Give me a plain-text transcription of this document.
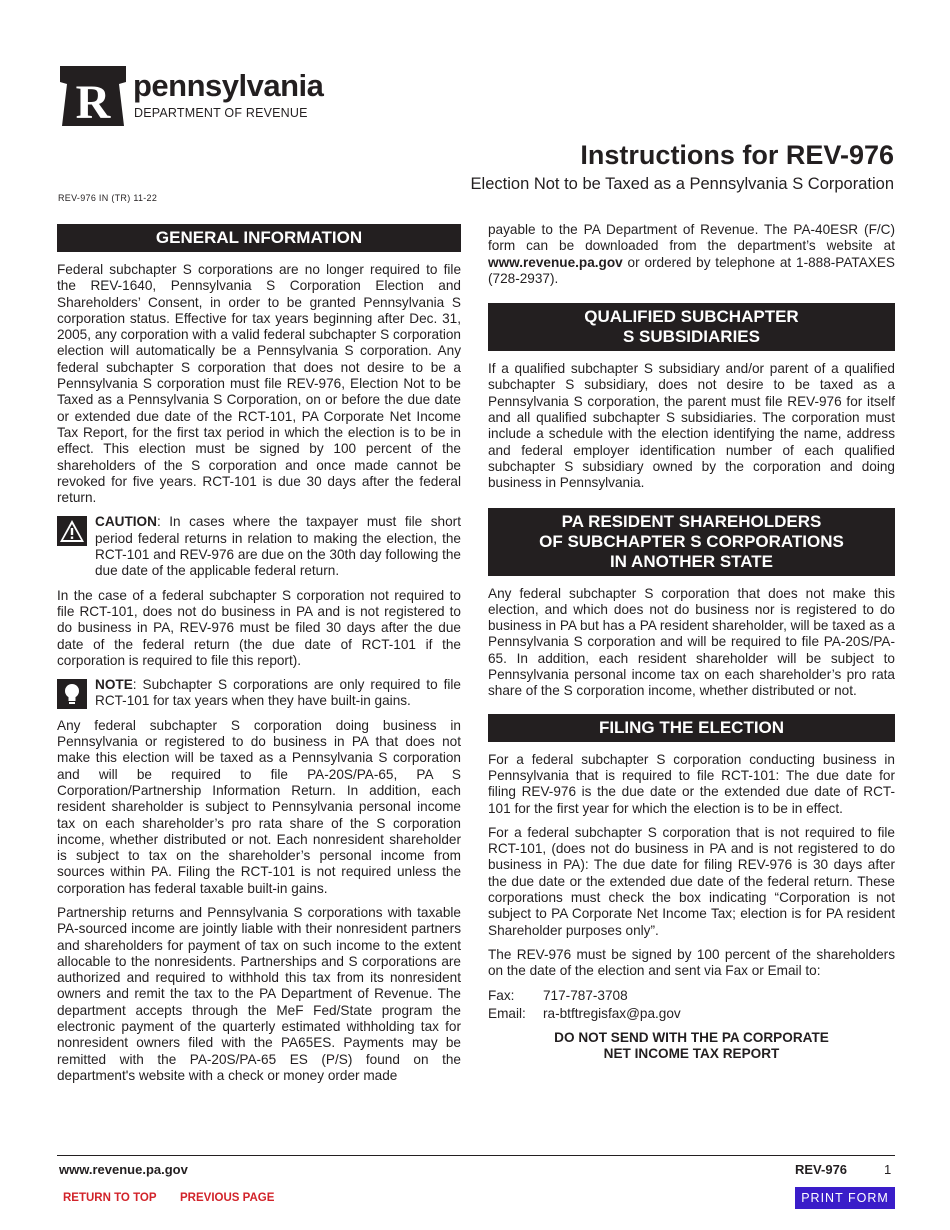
R pennsylvania
DEPARTMENT OF REVENUE
Instructions for REV-976
Election Not to be Taxed as a Pennsylvania S Corporation
REV-976 IN (TR) 11-22
GENERAL INFORMATION

Federal subchapter S corporations are no longer required to file the REV-1640, Pennsylvania S Corporation Election and Shareholders’ Consent, in order to be granted Pennsylvania S corporation status. Effective for tax years beginning after Dec. 31, 2005, any corporation with a valid federal subchapter S corporation election will automatically be a Pennsylvania S corporation. Any federal subchapter S corporation that does not desire to be a Pennsylvania S corporation must file REV-976, Election Not to be Taxed as a Pennsylvania S Corporation, on or before the due date or extended due date of the RCT-101, PA Corporate Net Income Tax Report, for the first tax period in which the election is to be in effect. This election must be signed by 100 percent of the shareholders of the S corporation and once made cannot be revoked for five years. RCT-101 is due 30 days after the federal return.

CAUTION: In cases where the taxpayer must file short period federal returns in relation to making the election, the RCT-101 and REV-976 are due on the 30th day following the due date of the applicable federal return.

In the case of a federal subchapter S corporation not required to file RCT-101, does not do business in PA and is not registered to do business in PA, REV-976 must be filed 30 days after the due date of the federal return (the due date of RCT-101 if the corporation is required to file this report).

NOTE: Subchapter S corporations are only required to file RCT-101 for tax years when they have built-in gains.

Any federal subchapter S corporation doing business in Pennsylvania or registered to do business in PA that does not make this election will be taxed as a Pennsylvania S corporation and will be required to file PA-20S/PA-65, PA S Corporation/Partnership Information Return. In addition, each resident shareholder is subject to Pennsylvania personal income tax on each shareholder’s pro rata share of the S corporation income, whether distributed or not. Each nonresident shareholder is subject to tax on the shareholder’s personal income from sources within PA. Filing the RCT-101 is not required unless the corporation has federal taxable built-in gains.

Partnership returns and Pennsylvania S corporations with taxable PA-sourced income are jointly liable with their nonresident partners and shareholders for payment of tax on such income to the extent allocable to the nonresidents. Partnerships and S corporations are authorized and required to withhold this tax from its nonresident owners and remit the tax to the PA Department of Revenue. The department accepts through the MeF Fed/State program the electronic payment of the quarterly estimated withholding tax for nonresident owners filed with the PA65ES. Payments may be remitted with the PA-20S/PA-65 ES (P/S) found on the department's website with a check or money order made

payable to the PA Department of Revenue. The PA-40ESR (F/C) form can be downloaded from the department’s website at www.revenue.pa.gov or ordered by telephone at 1-888-PATAXES (728-2937).

QUALIFIED SUBCHAPTER
S SUBSIDIARIES

If a qualified subchapter S subsidiary and/or parent of a qualified subchapter S subsidiary, does not desire to be taxed as a Pennsylvania S corporation, the parent must file REV-976 for itself and all qualified subchapter S subsidiaries. The corporation must include a schedule with the election identifying the name, address and federal employer identification number of each qualified subchapter S subsidiary owned by the corporation and doing business in Pennsylvania.

PA RESIDENT SHAREHOLDERS
OF SUBCHAPTER S CORPORATIONS
IN ANOTHER STATE

Any federal subchapter S corporation that does not make this election, and which does not do business nor is registered to do business in PA but has a PA resident shareholder, will be taxed as a Pennsylvania S corporation and will be required to file PA-20S/PA-65. In addition, each resident shareholder will be subject to Pennsylvania personal income tax on each shareholder’s pro rata share of the S corporation income, whether distributed or not.

FILING THE ELECTION

For a federal subchapter S corporation conducting business in Pennsylvania that is required to file RCT-101: The due date for filing REV-976 is the due date or the extended due date of RCT-101 for the first year for which the election is to be in effect.

For a federal subchapter S corporation that is not required to file RCT-101, (does not do business in PA and is not registered to do business in PA): The due date for filing REV-976 is 30 days after the due date or the extended due date of the federal return. These corporations must check the box indicating “Corporation is not subject to PA Corporate Net Income Tax; election is for PA resident Shareholder purposes only”.

The REV-976 must be signed by 100 percent of the shareholders on the date of the election and sent via Fax or Email to:

Fax:	717-787-3708
Email:	ra-btftregisfax@pa.gov
DO NOT SEND WITH THE PA CORPORATE
NET INCOME TAX REPORT
www.revenue.pa.gov	REV-976	1
RETURN TO TOP PREVIOUS PAGE	PRINT FORM
